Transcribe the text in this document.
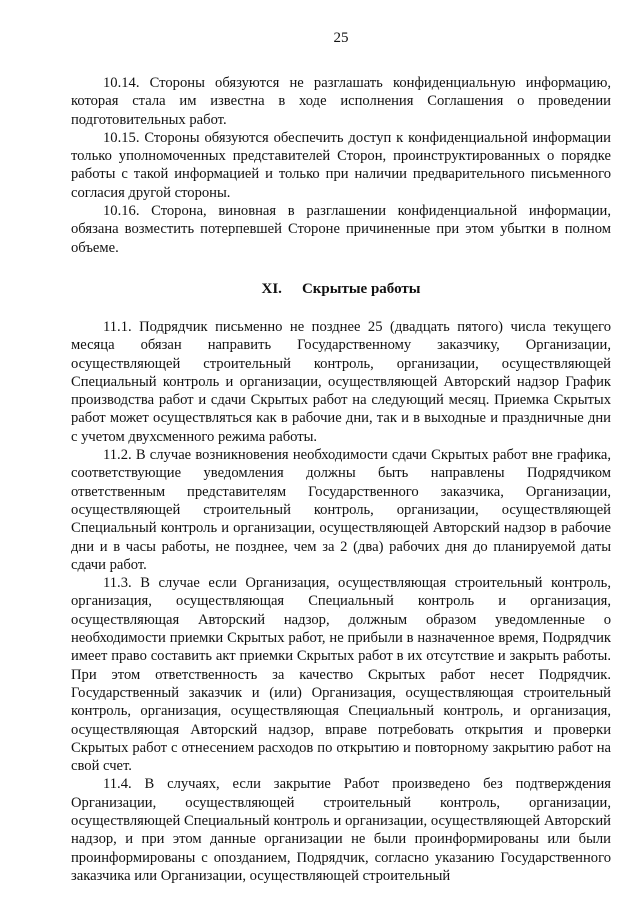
25

10.14. Стороны обязуются не разглашать конфиденциальную информацию, которая стала им известна в ходе исполнения Соглашения о проведении подготовительных работ.

10.15. Стороны обязуются обеспечить доступ к конфиденциальной информации только уполномоченных представителей Сторон, проинструктированных о порядке работы с такой информацией и только при наличии предварительного письменного согласия другой стороны.

10.16. Сторона, виновная в разглашении конфиденциальной информации, обязана возместить потерпевшей Стороне причиненные при этом убытки в полном объеме.

XI. Скрытые работы

11.1. Подрядчик письменно не позднее 25 (двадцать пятого) числа текущего месяца обязан направить Государственному заказчику, Организации, осуществляющей строительный контроль, организации, осуществляющей Специальный контроль и организации, осуществляющей Авторский надзор График производства работ и сдачи Скрытых работ на следующий месяц. Приемка Скрытых работ может осуществляться как в рабочие дни, так и в выходные и праздничные дни с учетом двухсменного режима работы.

11.2. В случае возникновения необходимости сдачи Скрытых работ вне графика, соответствующие уведомления должны быть направлены Подрядчиком ответственным представителям Государственного заказчика, Организации, осуществляющей строительный контроль, организации, осуществляющей Специальный контроль и организации, осуществляющей Авторский надзор в рабочие дни и в часы работы, не позднее, чем за 2 (два) рабочих дня до планируемой даты сдачи работ.

11.3. В случае если Организация, осуществляющая строительный контроль, организация, осуществляющая Специальный контроль и организация, осуществляющая Авторский надзор, должным образом уведомленные о необходимости приемки Скрытых работ, не прибыли в назначенное время, Подрядчик имеет право составить акт приемки Скрытых работ в их отсутствие и закрыть работы. При этом ответственность за качество Скрытых работ несет Подрядчик. Государственный заказчик и (или) Организация, осуществляющая строительный контроль, организация, осуществляющая Специальный контроль, и организация, осуществляющая Авторский надзор, вправе потребовать открытия и проверки Скрытых работ с отнесением расходов по открытию и повторному закрытию работ на свой счет.

11.4. В случаях, если закрытие Работ произведено без подтверждения Организации, осуществляющей строительный контроль, организации, осуществляющей Специальный контроль и организации, осуществляющей Авторский надзор, и при этом данные организации не были проинформированы или были проинформированы с опозданием, Подрядчик, согласно указанию Государственного заказчика или Организации, осуществляющей строительный
